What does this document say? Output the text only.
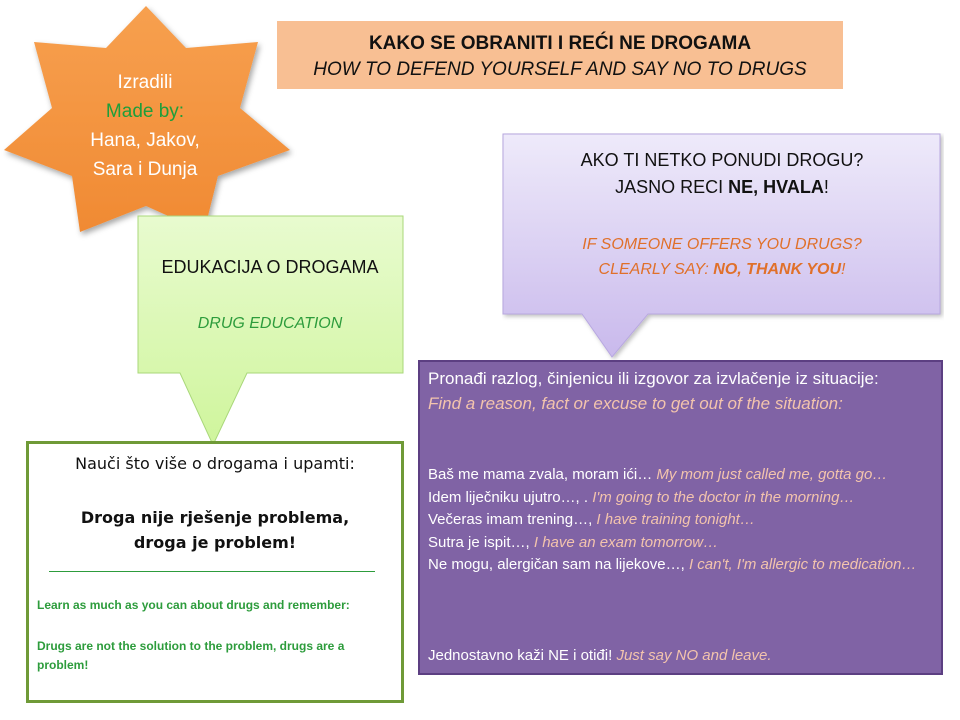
KAKO SE OBRANITI I REĆI NE DROGAMA
HOW TO DEFEND YOURSELF AND SAY NO TO DRUGS
Izradili
Made by:
Hana, Jakov,
Sara i Dunja
EDUKACIJA O DROGAMA
DRUG EDUCATION
Nauči što više o drogama i upamti:
Droga nije rješenje problema,
droga je problem!
Learn as much as you can about drugs and remember:
Drugs are not the solution to the problem, drugs are a problem!
AKO TI NETKO PONUDI DROGU?
JASNO RECI NE, HVALA!
IF SOMEONE OFFERS YOU DRUGS?
CLEARLY SAY: NO, THANK YOU!
Pronađi razlog, činjenicu ili izgovor za izvlačenje iz situacije:
Find a reason, fact or excuse to get out of the situation:
Baš me mama zvala, moram ići… My mom just called me, gotta go…
Idem liječniku ujutro…, . I'm going to the doctor in the morning…
Večeras imam trening…, I have training tonight…
Sutra je ispit…, I have an exam tomorrow…
Ne mogu, alergičan sam na lijekove…, I can't, I'm allergic to medication…
Jednostavno kaži NE i otiđi! Just say NO and leave.
